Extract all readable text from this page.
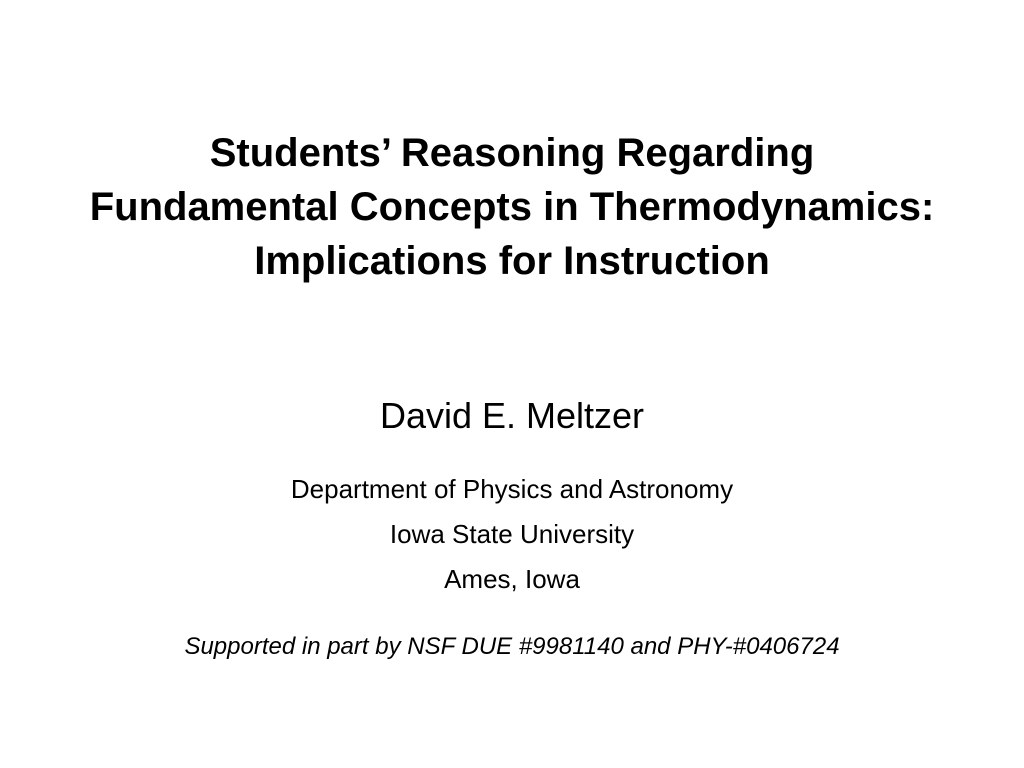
Students’ Reasoning Regarding
Fundamental Concepts in Thermodynamics:
Implications for Instruction

David E. Meltzer

Department of Physics and Astronomy
Iowa State University
Ames, Iowa

Supported in part by NSF DUE #9981140 and PHY-#0406724
